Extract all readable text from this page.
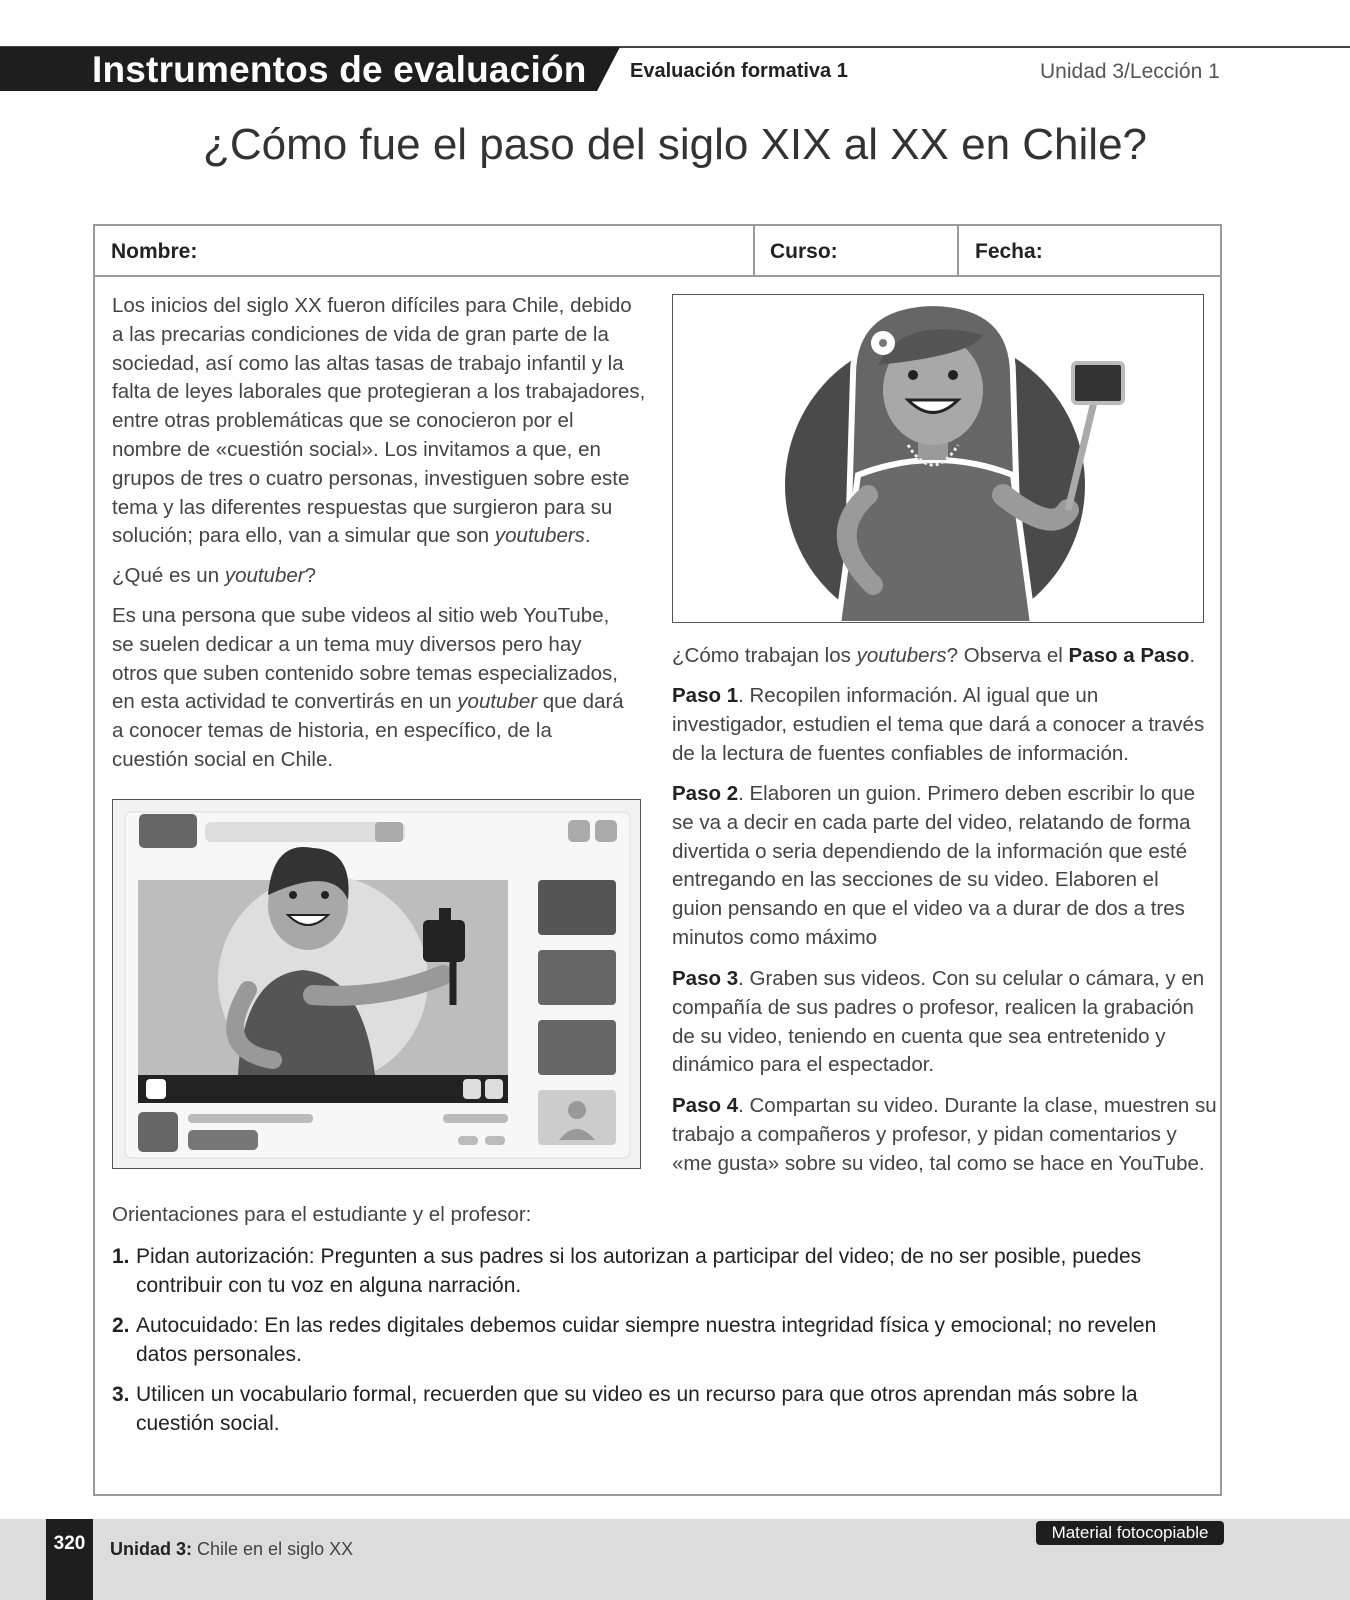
Instrumentos de evaluación Evaluación formativa 1	Unidad 3/Lección 1
¿Cómo fue el paso del siglo XIX al XX en Chile?
Nombre:	Curso:	Fecha:

Los inicios del siglo XX fueron difíciles para Chile, debido a las precarias condiciones de vida de gran parte de la sociedad, así como las altas tasas de trabajo infantil y la falta de leyes laborales que protegieran a los trabajadores, entre otras problemáticas que se conocieron por el nombre de «cuestión social». Los invitamos a que, en grupos de tres o cuatro personas, investiguen sobre este tema y las diferentes respuestas que surgieron para su solución; para ello, van a simular que son youtubers.

¿Qué es un youtuber?

Es una persona que sube videos al sitio web YouTube, se suelen dedicar a un tema muy diversos pero hay otros que suben contenido sobre temas especializados, en esta actividad te convertirás en un youtuber que dará a conocer temas de historia, en específico, de la cuestión social en Chile.

¿Cómo trabajan los youtubers? Observa el Paso a Paso.

Paso 1. Recopilen información. Al igual que un investigador, estudien el tema que dará a conocer a través de la lectura de fuentes confiables de información.

Paso 2. Elaboren un guion. Primero deben escribir lo que se va a decir en cada parte del video, relatando de forma divertida o seria dependiendo de la información que esté entregando en las secciones de su video. Elaboren el guion pensando en que el video va a durar de dos a tres minutos como máximo

Paso 3. Graben sus videos. Con su celular o cámara, y en compañía de sus padres o profesor, realicen la grabación de su video, teniendo en cuenta que sea entretenido y dinámico para el espectador.

Paso 4. Compartan su video. Durante la clase, muestren su trabajo a compañeros y profesor, y pidan comentarios y «me gusta» sobre su video, tal como se hace en YouTube.

Orientaciones para el estudiante y el profesor:
1. Pidan autorización: Pregunten a sus padres si los autorizan a participar del video; de no ser posible, puedes contribuir con tu voz en alguna narración.
2. Autocuidado: En las redes digitales debemos cuidar siempre nuestra integridad física y emocional; no revelen datos personales.
3. Utilicen un vocabulario formal, recuerden que su video es un recurso para que otros aprendan más sobre la cuestión social.
320	Unidad 3: Chile en el siglo XX
Material fotocopiable
